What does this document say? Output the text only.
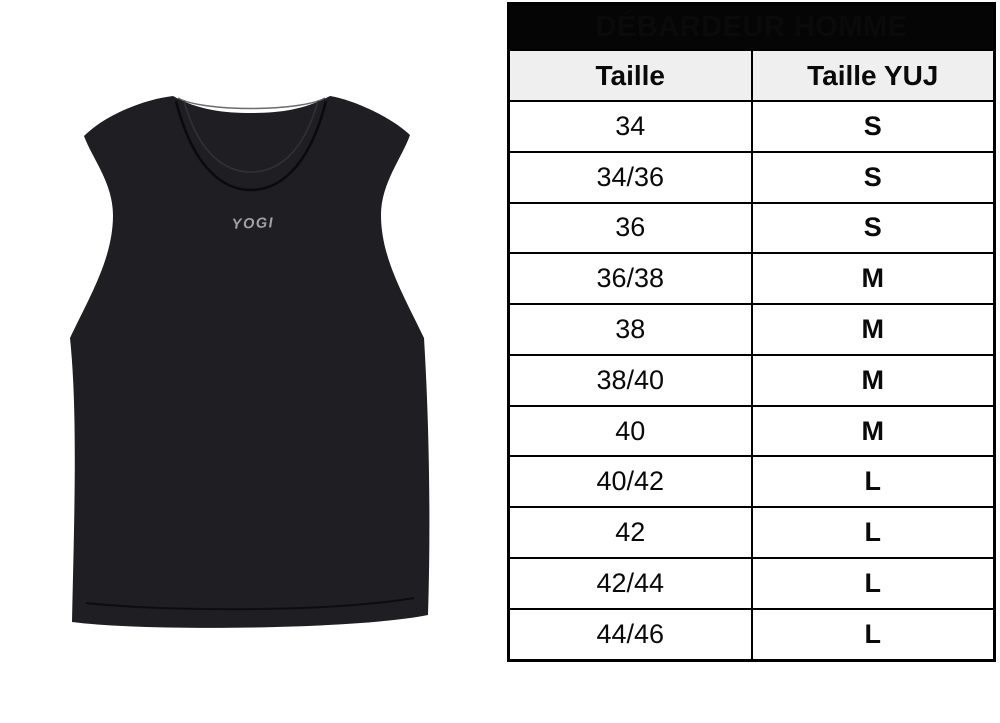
YOGI
DÉBARDEUR HOMME	
Taille	Taille YUJ
34	S
34/36	S
36	S
36/38	M
38	M
38/40	M
40	M
40/42	L
42	L
42/44	L
44/46	L
